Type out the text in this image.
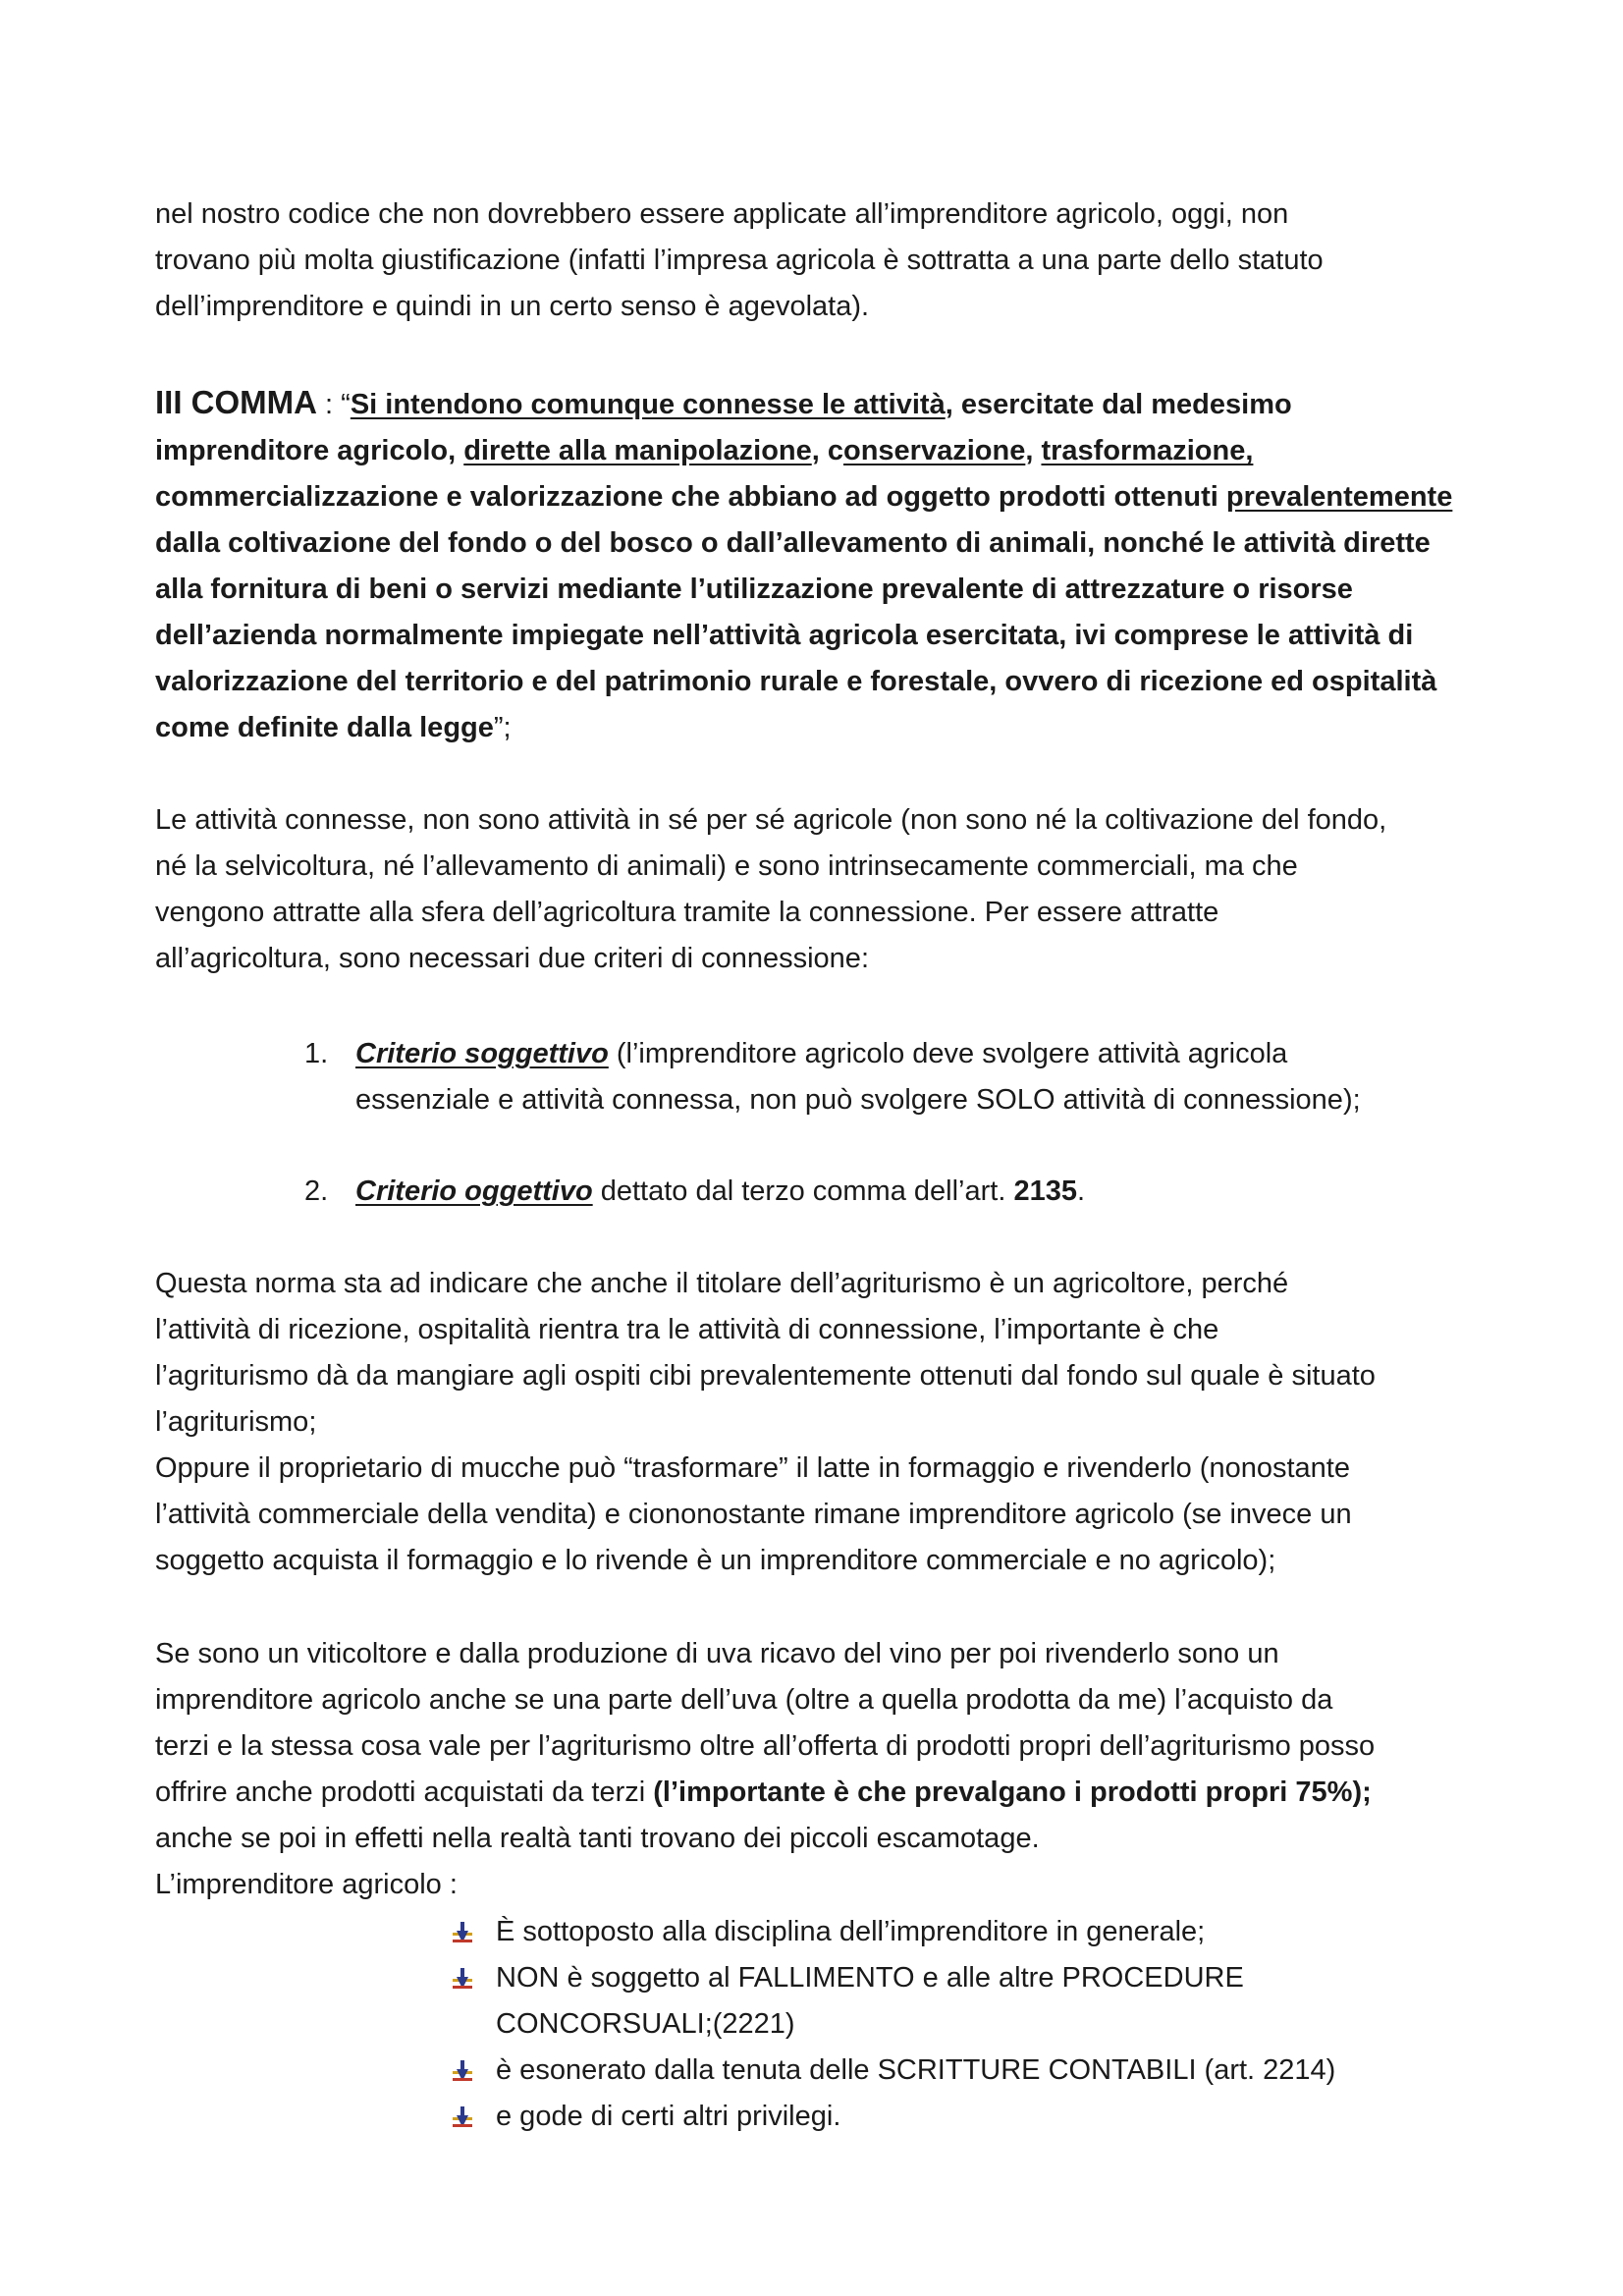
nel nostro codice che non dovrebbero essere applicate all’imprenditore agricolo, oggi, non
trovano più molta giustificazione (infatti l’impresa agricola è sottratta a una parte dello statuto
dell’imprenditore e quindi in un certo senso è agevolata).
III COMMA : “Si intendono comunque connesse le attività, esercitate dal medesimo
imprenditore agricolo, dirette alla manipolazione, conservazione, trasformazione,
commercializzazione e valorizzazione che abbiano ad oggetto prodotti ottenuti prevalentemente
dalla coltivazione del fondo o del bosco o dall’allevamento di animali, nonché le attività dirette
alla fornitura di beni o servizi mediante l’utilizzazione prevalente di attrezzature o risorse
dell’azienda normalmente impiegate nell’attività agricola esercitata, ivi comprese le attività di
valorizzazione del territorio e del patrimonio rurale e forestale, ovvero di ricezione ed ospitalità
come definite dalla legge”;
Le attività connesse, non sono attività in sé per sé agricole (non sono né la coltivazione del fondo,
né la selvicoltura, né l’allevamento di animali) e sono intrinsecamente commerciali, ma che
vengono attratte alla sfera dell’agricoltura tramite la connessione. Per essere attratte
all’agricoltura, sono necessari due criteri di connessione:
1. Criterio soggettivo (l’imprenditore agricolo deve svolgere attività agricola
essenziale e attività connessa, non può svolgere SOLO attività di connessione);
2. Criterio oggettivo dettato dal terzo comma dell’art. 2135.
Questa norma sta ad indicare che anche il titolare dell’agriturismo è un agricoltore, perché
l’attività di ricezione, ospitalità rientra tra le attività di connessione, l’importante è che
l’agriturismo dà da mangiare agli ospiti cibi prevalentemente ottenuti dal fondo sul quale è situato
l’agriturismo;
Oppure il proprietario di mucche può “trasformare” il latte in formaggio e rivenderlo (nonostante
l’attività commerciale della vendita) e ciononostante rimane imprenditore agricolo (se invece un
soggetto acquista il formaggio e lo rivende è un imprenditore commerciale e no agricolo);
Se sono un viticoltore e dalla produzione di uva ricavo del vino per poi rivenderlo sono un
imprenditore agricolo anche se una parte dell’uva (oltre a quella prodotta da me) l’acquisto da
terzi e la stessa cosa vale per l’agriturismo oltre all’offerta di prodotti propri dell’agriturismo posso
offrire anche prodotti acquistati da terzi (l’importante è che prevalgano i prodotti propri 75%);
anche se poi in effetti nella realtà tanti trovano dei piccoli escamotage.
L’imprenditore agricolo :
È sottoposto alla disciplina dell’imprenditore in generale;
NON è soggetto al FALLIMENTO e alle altre PROCEDURE
CONCORSUALI;(2221)
è esonerato dalla tenuta delle SCRITTURE CONTABILI (art. 2214)
e gode di certi altri privilegi.
